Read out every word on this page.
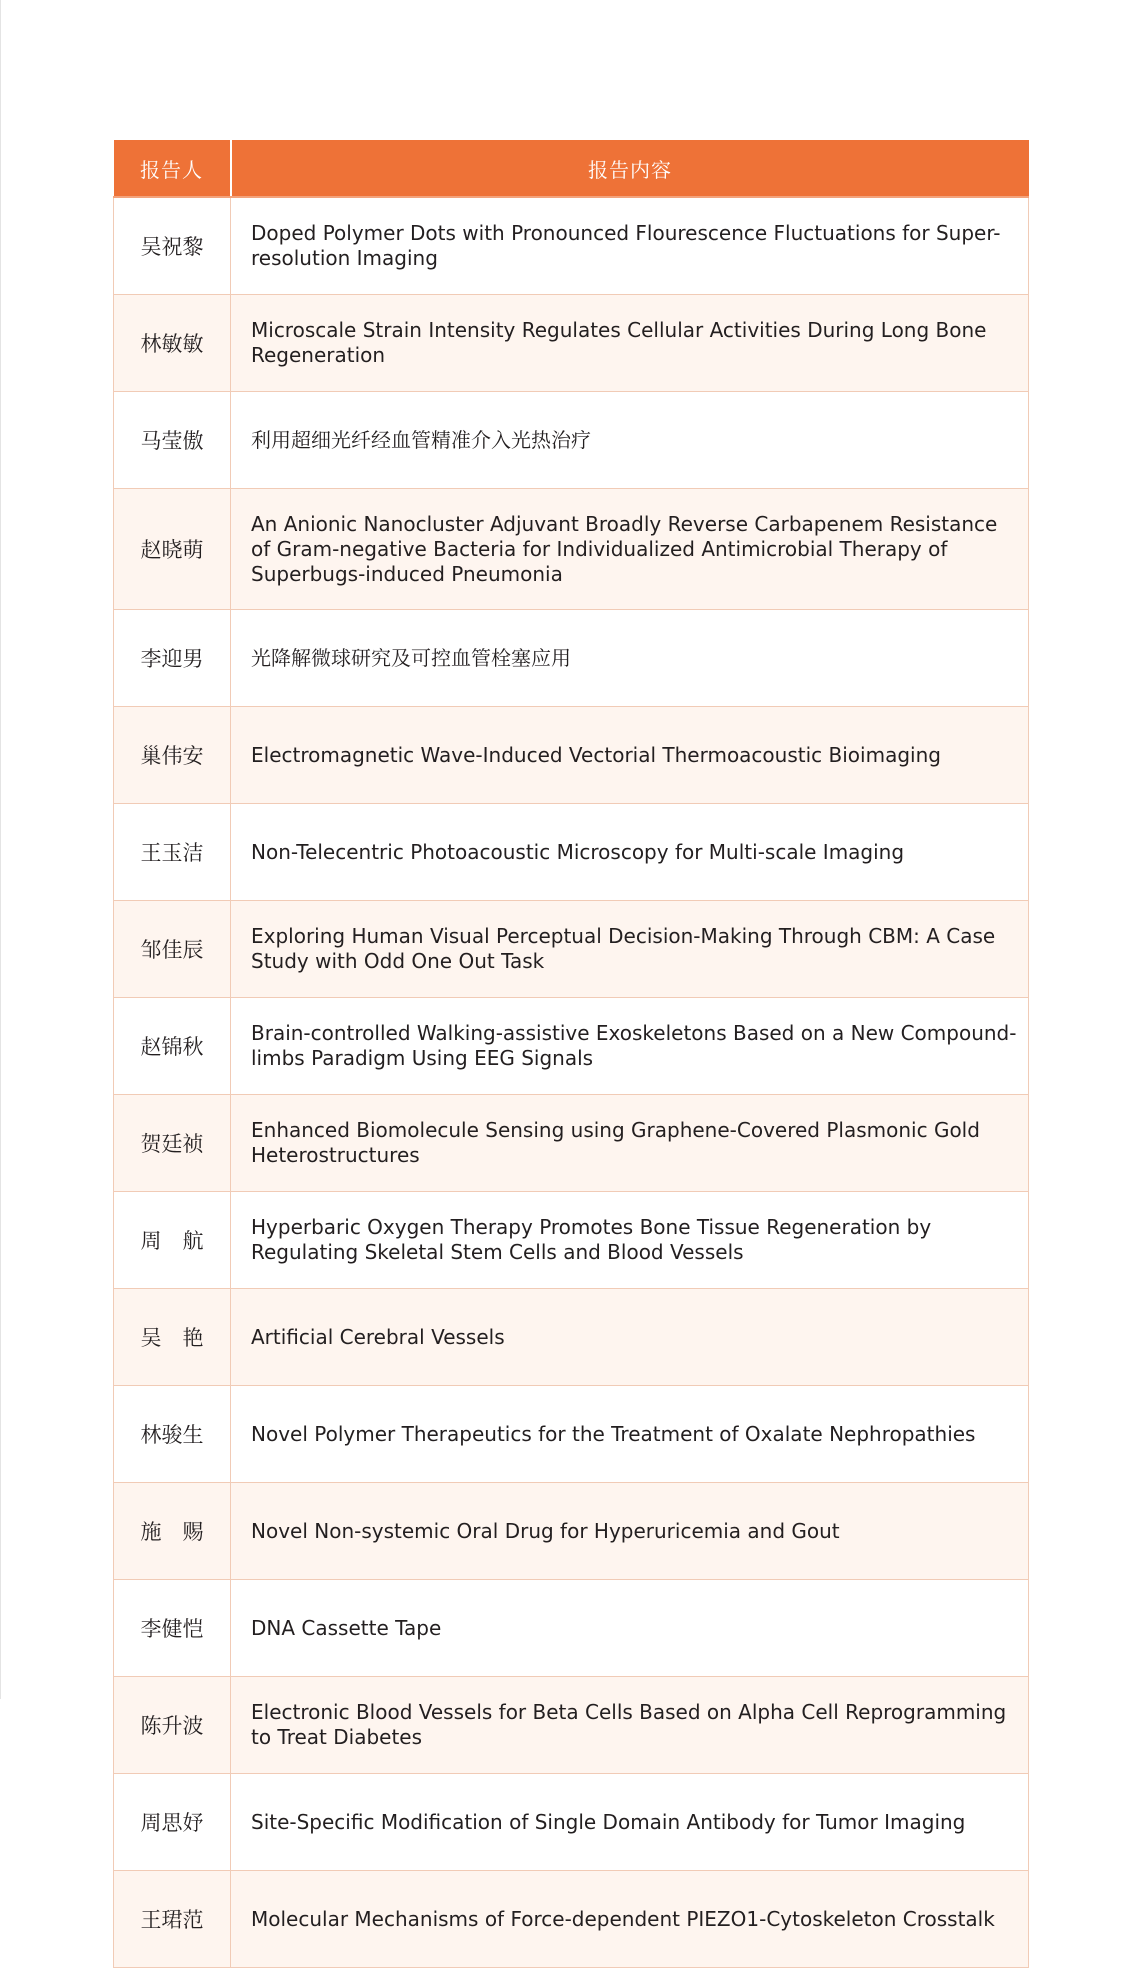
报告人	报告内容
吴祝黎	Doped Polymer Dots with Pronounced Flourescence Fluctuations for Super-resolution Imaging
林敏敏	Microscale Strain Intensity Regulates Cellular Activities During Long Bone Regeneration
马莹傲	利用超细光纤经血管精准介入光热治疗
赵晓萌	An Anionic Nanocluster Adjuvant Broadly Reverse Carbapenem Resistance of Gram-negative Bacteria for Individualized Antimicrobial Therapy of Superbugs-induced Pneumonia
李迎男	光降解微球研究及可控血管栓塞应用
巢伟安	Electromagnetic Wave-Induced Vectorial Thermoacoustic Bioimaging
王玉洁	Non-Telecentric Photoacoustic Microscopy for Multi-scale Imaging
邹佳辰	Exploring Human Visual Perceptual Decision-Making Through CBM: A Case Study with Odd One Out Task
赵锦秋	Brain-controlled Walking-assistive Exoskeletons Based on a New Compound-limbs Paradigm Using EEG Signals
贺廷祯	Enhanced Biomolecule Sensing using Graphene-Covered Plasmonic Gold Heterostructures
周　航	Hyperbaric Oxygen Therapy Promotes Bone Tissue Regeneration by Regulating Skeletal Stem Cells and Blood Vessels
吴　艳	Artificial Cerebral Vessels
林骏生	Novel Polymer Therapeutics for the Treatment of Oxalate Nephropathies
施　赐	Novel Non-systemic Oral Drug for Hyperuricemia and Gout
李健恺	DNA Cassette Tape
陈升波	Electronic Blood Vessels for Beta Cells Based on Alpha Cell Reprogramming to Treat Diabetes
周思妤	Site-Specific Modification of Single Domain Antibody for Tumor Imaging
王珺范	Molecular Mechanisms of Force-dependent PIEZO1-Cytoskeleton Crosstalk
